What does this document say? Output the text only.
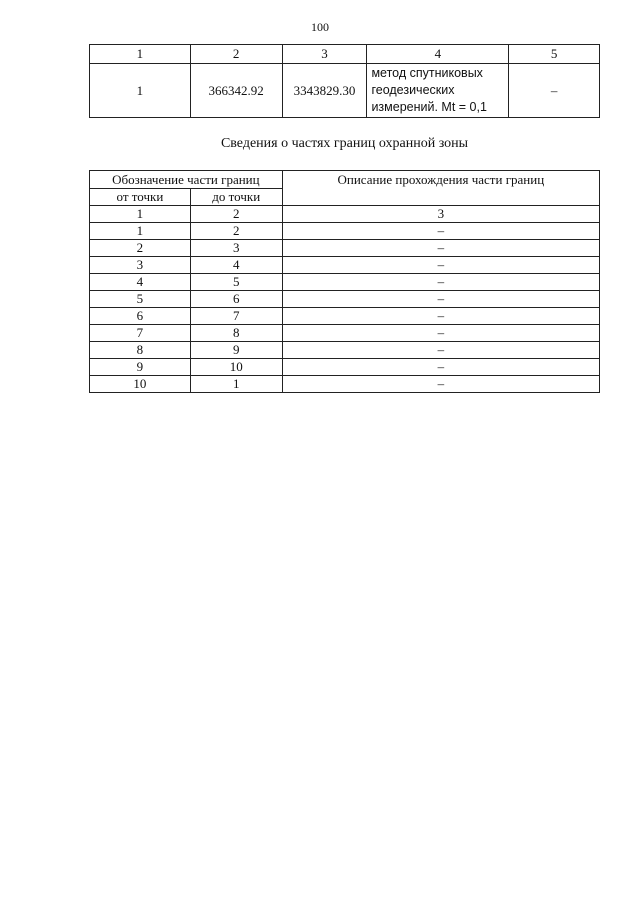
100
1	2	3	4	5
1	366342.92	3343829.30	метод спутниковых
геодезических
измерений. Mt = 0,1	–
Сведения о частях границ охранной зоны
Обозначение части границ		Описание прохождения части границ
от точки	до точки	
1	2	3
1	2	–
2	3	–
3	4	–
4	5	–
5	6	–
6	7	–
7	8	–
8	9	–
9	10	–
10	1	–
